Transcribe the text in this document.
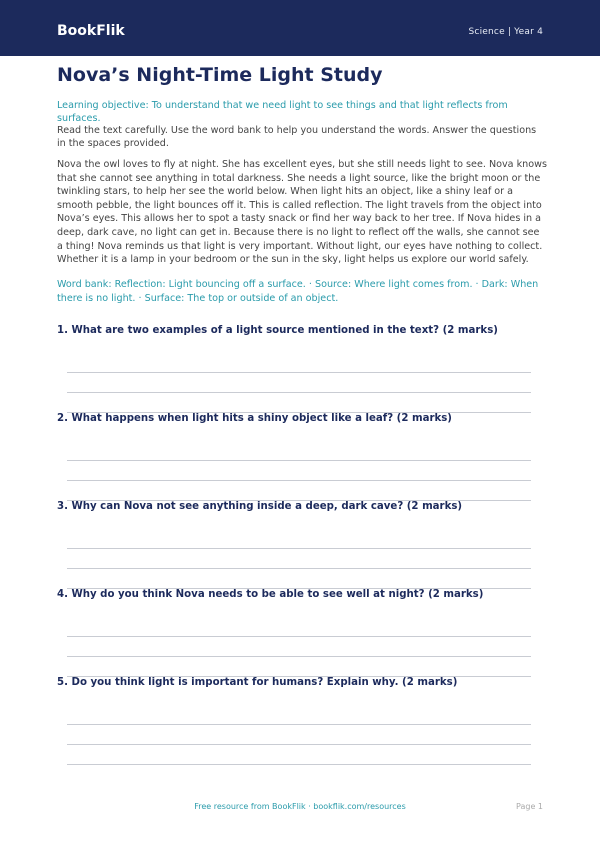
BookFlik	Science | Year 4
Nova’s Night-Time Light Study
Learning objective: To understand that we need light to see things and that light reflects from surfaces.
Read the text carefully. Use the word bank to help you understand the words. Answer the questions in the spaces provided.
Nova the owl loves to fly at night. She has excellent eyes, but she still needs light to see. Nova knows that she cannot see anything in total darkness. She needs a light source, like the bright moon or the twinkling stars, to help her see the world below. When light hits an object, like a shiny leaf or a smooth pebble, the light bounces off it. This is called reflection. The light travels from the object into Nova’s eyes. This allows her to spot a tasty snack or find her way back to her tree. If Nova hides in a deep, dark cave, no light can get in. Because there is no light to reflect off the walls, she cannot see a thing! Nova reminds us that light is very important. Without light, our eyes have nothing to collect. Whether it is a lamp in your bedroom or the sun in the sky, light helps us explore our world safely.
Word bank: Reflection: Light bouncing off a surface. · Source: Where light comes from. · Dark: When there is no light. · Surface: The top or outside of an object.
1. What are two examples of a light source mentioned in the text? (2 marks)
2. What happens when light hits a shiny object like a leaf? (2 marks)
3. Why can Nova not see anything inside a deep, dark cave? (2 marks)
4. Why do you think Nova needs to be able to see well at night? (2 marks)
5. Do you think light is important for humans? Explain why. (2 marks)
Free resource from BookFlik · bookflik.com/resources	Page 1
